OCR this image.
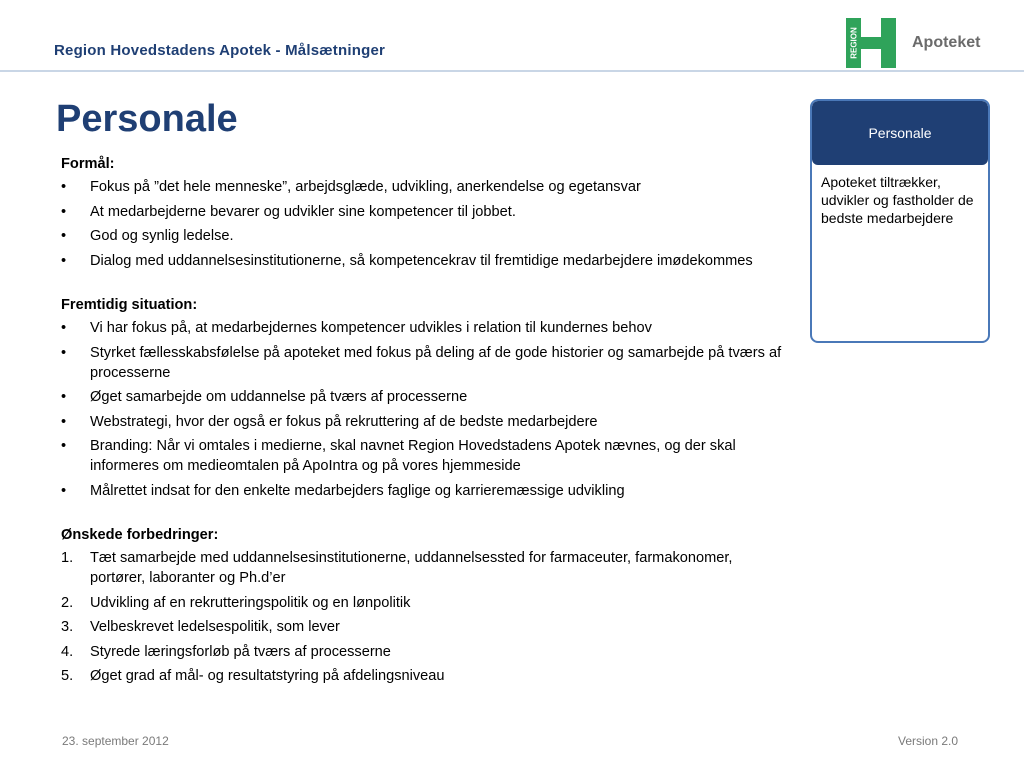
Region Hovedstadens Apotek - Målsætninger	REGION	Apoteket
Personale
Formål:
• Fokus på ”det hele menneske”, arbejdsglæde, udvikling, anerkendelse og egetansvar
• At medarbejderne bevarer og udvikler sine kompetencer til jobbet.
• God og synlig ledelse.
• Dialog med uddannelsesinstitutionerne, så kompetencekrav til fremtidige medarbejdere imødekommes
Fremtidig situation:
• Vi har fokus på, at medarbejdernes kompetencer udvikles i relation til kundernes behov
• Styrket fællesskabsfølelse på apoteket med fokus på deling af de gode historier og samarbejde på tværs af processerne
• Øget samarbejde om uddannelse på tværs af processerne
• Webstrategi, hvor der også er fokus på rekruttering af de bedste medarbejdere
• Branding: Når vi omtales i medierne, skal navnet Region Hovedstadens Apotek nævnes, og der skal informeres om medieomtalen på ApoIntra og på vores hjemmeside
• Målrettet indsat for den enkelte medarbejders faglige og karrieremæssige udvikling
Ønskede forbedringer:
1. Tæt samarbejde med uddannelsesinstitutionerne, uddannelsessted for farmaceuter, farmakonomer, portører, laboranter og Ph.d’er
2. Udvikling af en rekrutteringspolitik og en lønpolitik
3. Velbeskrevet ledelsespolitik, som lever
4. Styrede læringsforløb på tværs af processerne
5. Øget grad af mål- og resultatstyring på afdelingsniveau
Personale
Apoteket tiltrækker, udvikler og fastholder de bedste medarbejdere
23. september 2012	Version 2.0
